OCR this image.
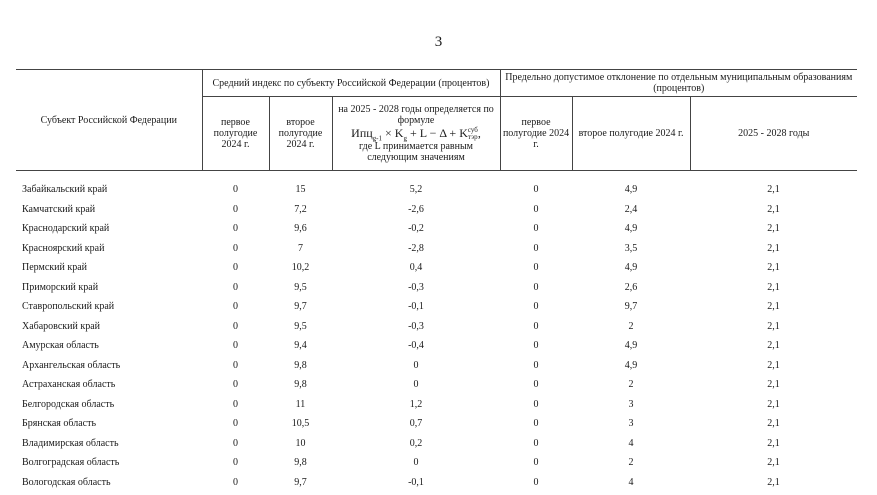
3
Субъект Российской Федерации	Средний индекс по субъекту Российской Федерации (процентов)			Предельно допустимое отклонение по отдельным муниципальным образованиям (процентов)		
	первое полугодие 2024 г.	второе полугодие 2024 г.	на 2025 - 2028 годы определяется по формуле
$Ипц_{g-1} \times K_g + L - \Delta$ + Kсуб
тэр,
где L принимается равным следующим значениям	первое полугодие 2024 г.	второе полугодие 2024 г.	2025 - 2028 годы

Забайкальский край	0	15	5,2	0	4,9	2,1
Камчатский край	0	7,2	-2,6	0	2,4	2,1
Краснодарский край	0	9,6	-0,2	0	4,9	2,1
Красноярский край	0	7	-2,8	0	3,5	2,1
Пермский край	0	10,2	0,4	0	4,9	2,1
Приморский край	0	9,5	-0,3	0	2,6	2,1
Ставропольский край	0	9,7	-0,1	0	9,7	2,1
Хабаровский край	0	9,5	-0,3	0	2	2,1
Амурская область	0	9,4	-0,4	0	4,9	2,1
Архангельская область	0	9,8	0	0	4,9	2,1
Астраханская область	0	9,8	0	0	2	2,1
Белгородская область	0	11	1,2	0	3	2,1
Брянская область	0	10,5	0,7	0	3	2,1
Владимирская область	0	10	0,2	0	4	2,1
Волгоградская область	0	9,8	0	0	2	2,1
Вологодская область	0	9,7	-0,1	0	4	2,1
